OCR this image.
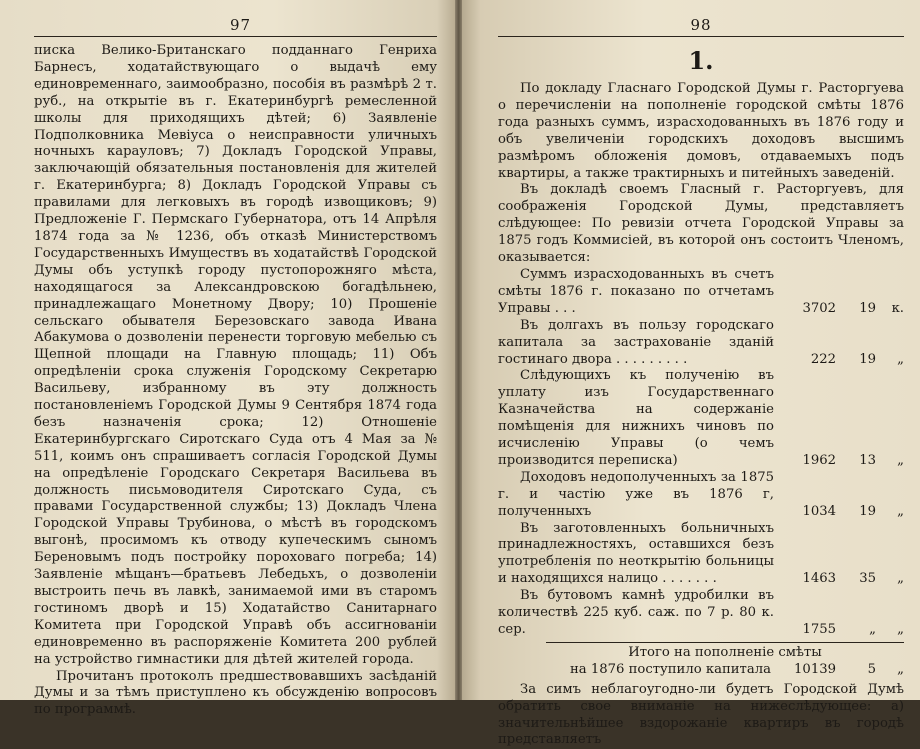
97

писка Велико-Британскаго подданнаго Генриха Барнесъ, ходатайствующаго о выдачѣ ему единовременнаго, заимообразно, пособія въ размѣрѣ 2 т. руб., на открытіе въ г. Екатеринбургѣ ремесленной школы для приходящихъ дѣтей; 6) Заявленіе Подполковника Мевіуса о неисправности уличныхъ ночныхъ карауловъ; 7) Докладъ Городской Управы, заключающій обязательныя постановленія для жителей г. Екатеринбурга; 8) Докладъ Городской Управы съ правилами для легковыхъ въ городѣ извощиковъ; 9) Предложеніе Г. Пермскаго Губернатора, отъ 14 Апрѣля 1874 года за № 1236, объ отказѣ Министерствомъ Государственныхъ Имуществъ въ ходатайствѣ Городской Думы объ уступкѣ городу пустопорожняго мѣста, находящагося за Александровскою богадѣльнею, принадлежащаго Монетному Двору; 10) Прошеніе сельскаго обывателя Березовскаго завода Ивана Абакумова о дозволеніи перенести торговую мебелью съ Щепной площади на Главную площадь; 11) Объ опредѣленіи срока служенія Городскому Секретарю Васильеву, избранному въ эту должность постановленіемъ Городской Думы 9 Сентября 1874 года безъ назначенія срока; 12) Отношеніе Екатеринбургскаго Сиротскаго Суда отъ 4 Мая за № 511, коимъ онъ спрашиваетъ согласія Городской Думы на опредѣленіе Городскаго Секретаря Васильева въ должность письмоводителя Сиротскаго Суда, съ правами Государственной службы; 13) Докладъ Члена Городской Управы Трубинова, о мѣстѣ въ городскомъ выгонѣ, просимомъ къ отводу купеческимъ сыномъ Береновымъ подъ постройку пороховаго погреба; 14) Заявленіе мѣщанъ—братьевъ Лебедьхъ, о дозволеніи выстроить печь въ лавкѣ, занимаемой ими въ старомъ гостиномъ дворѣ и 15) Ходатайство Санитарнаго Комитета при Городской Управѣ объ ассигнованіи единовременно въ распоряженіе Комитета 200 рублей на устройство гимнастики для дѣтей жителей города.

Прочитанъ протоколъ предшествовавшихъ засѣданій Думы и за тѣмъ приступлено къ обсужденію вопросовъ по программѣ.

98
1.

По докладу Гласнаго Городской Думы г. Расторгуева о перечисленіи на пополненіе городской смѣты 1876 года разныхъ суммъ, израсходованныхъ въ 1876 году и объ увеличеніи городскихъ доходовъ высшимъ размѣромъ обложенія домовъ, отдаваемыхъ подъ квартиры, а также трактирныхъ и питейныхъ заведеній.

Въ докладѣ своемъ Гласный г. Расторгуевъ, для соображенія Городской Думы, представляетъ слѣдующее: По ревизіи отчета Городской Управы за 1875 годъ Коммисіей, въ которой онъ состоитъ Членомъ, оказывается:

Суммъ израсходованныхъ въ счетъ смѣты 1876 г. показано по отчетамъ Управы . . .	3702	19	к.
Въ долгахъ въ пользу городскаго капитала за застрахованіе зданій гостинаго двора . . . . . . . . .	222	19	„
Слѣдующихъ къ полученію въ уплату изъ Государственнаго Казначейства на содержаніе помѣщенія для нижнихъ чиновъ по исчисленію Управы (о чемъ производится переписка)	1962	13	„
Доходовъ недополученныхъ за 1875 г. и частію уже въ 1876 г, полученныхъ	1034	19	„
Въ заготовленныхъ больничныхъ принадлежностяхъ, оставшихся безъ употребленія по неоткрытію больницы и находящихся налицо . . . . . . .	1463	35	„
Въ бутовомъ камнѣ удробилки въ количествѣ 225 куб. саж. по 7 р. 80 к. сер.	1755	„	„

Итого на пополненіе смѣты

на 1876 поступило капитала	10139	5	„

За симъ неблагоугодно-ли будетъ Городской Думѣ обратить свое вниманіе на нижеслѣдующее: а) значительнѣйшее вздорожаніе квартиръ въ городѣ представляетъ
